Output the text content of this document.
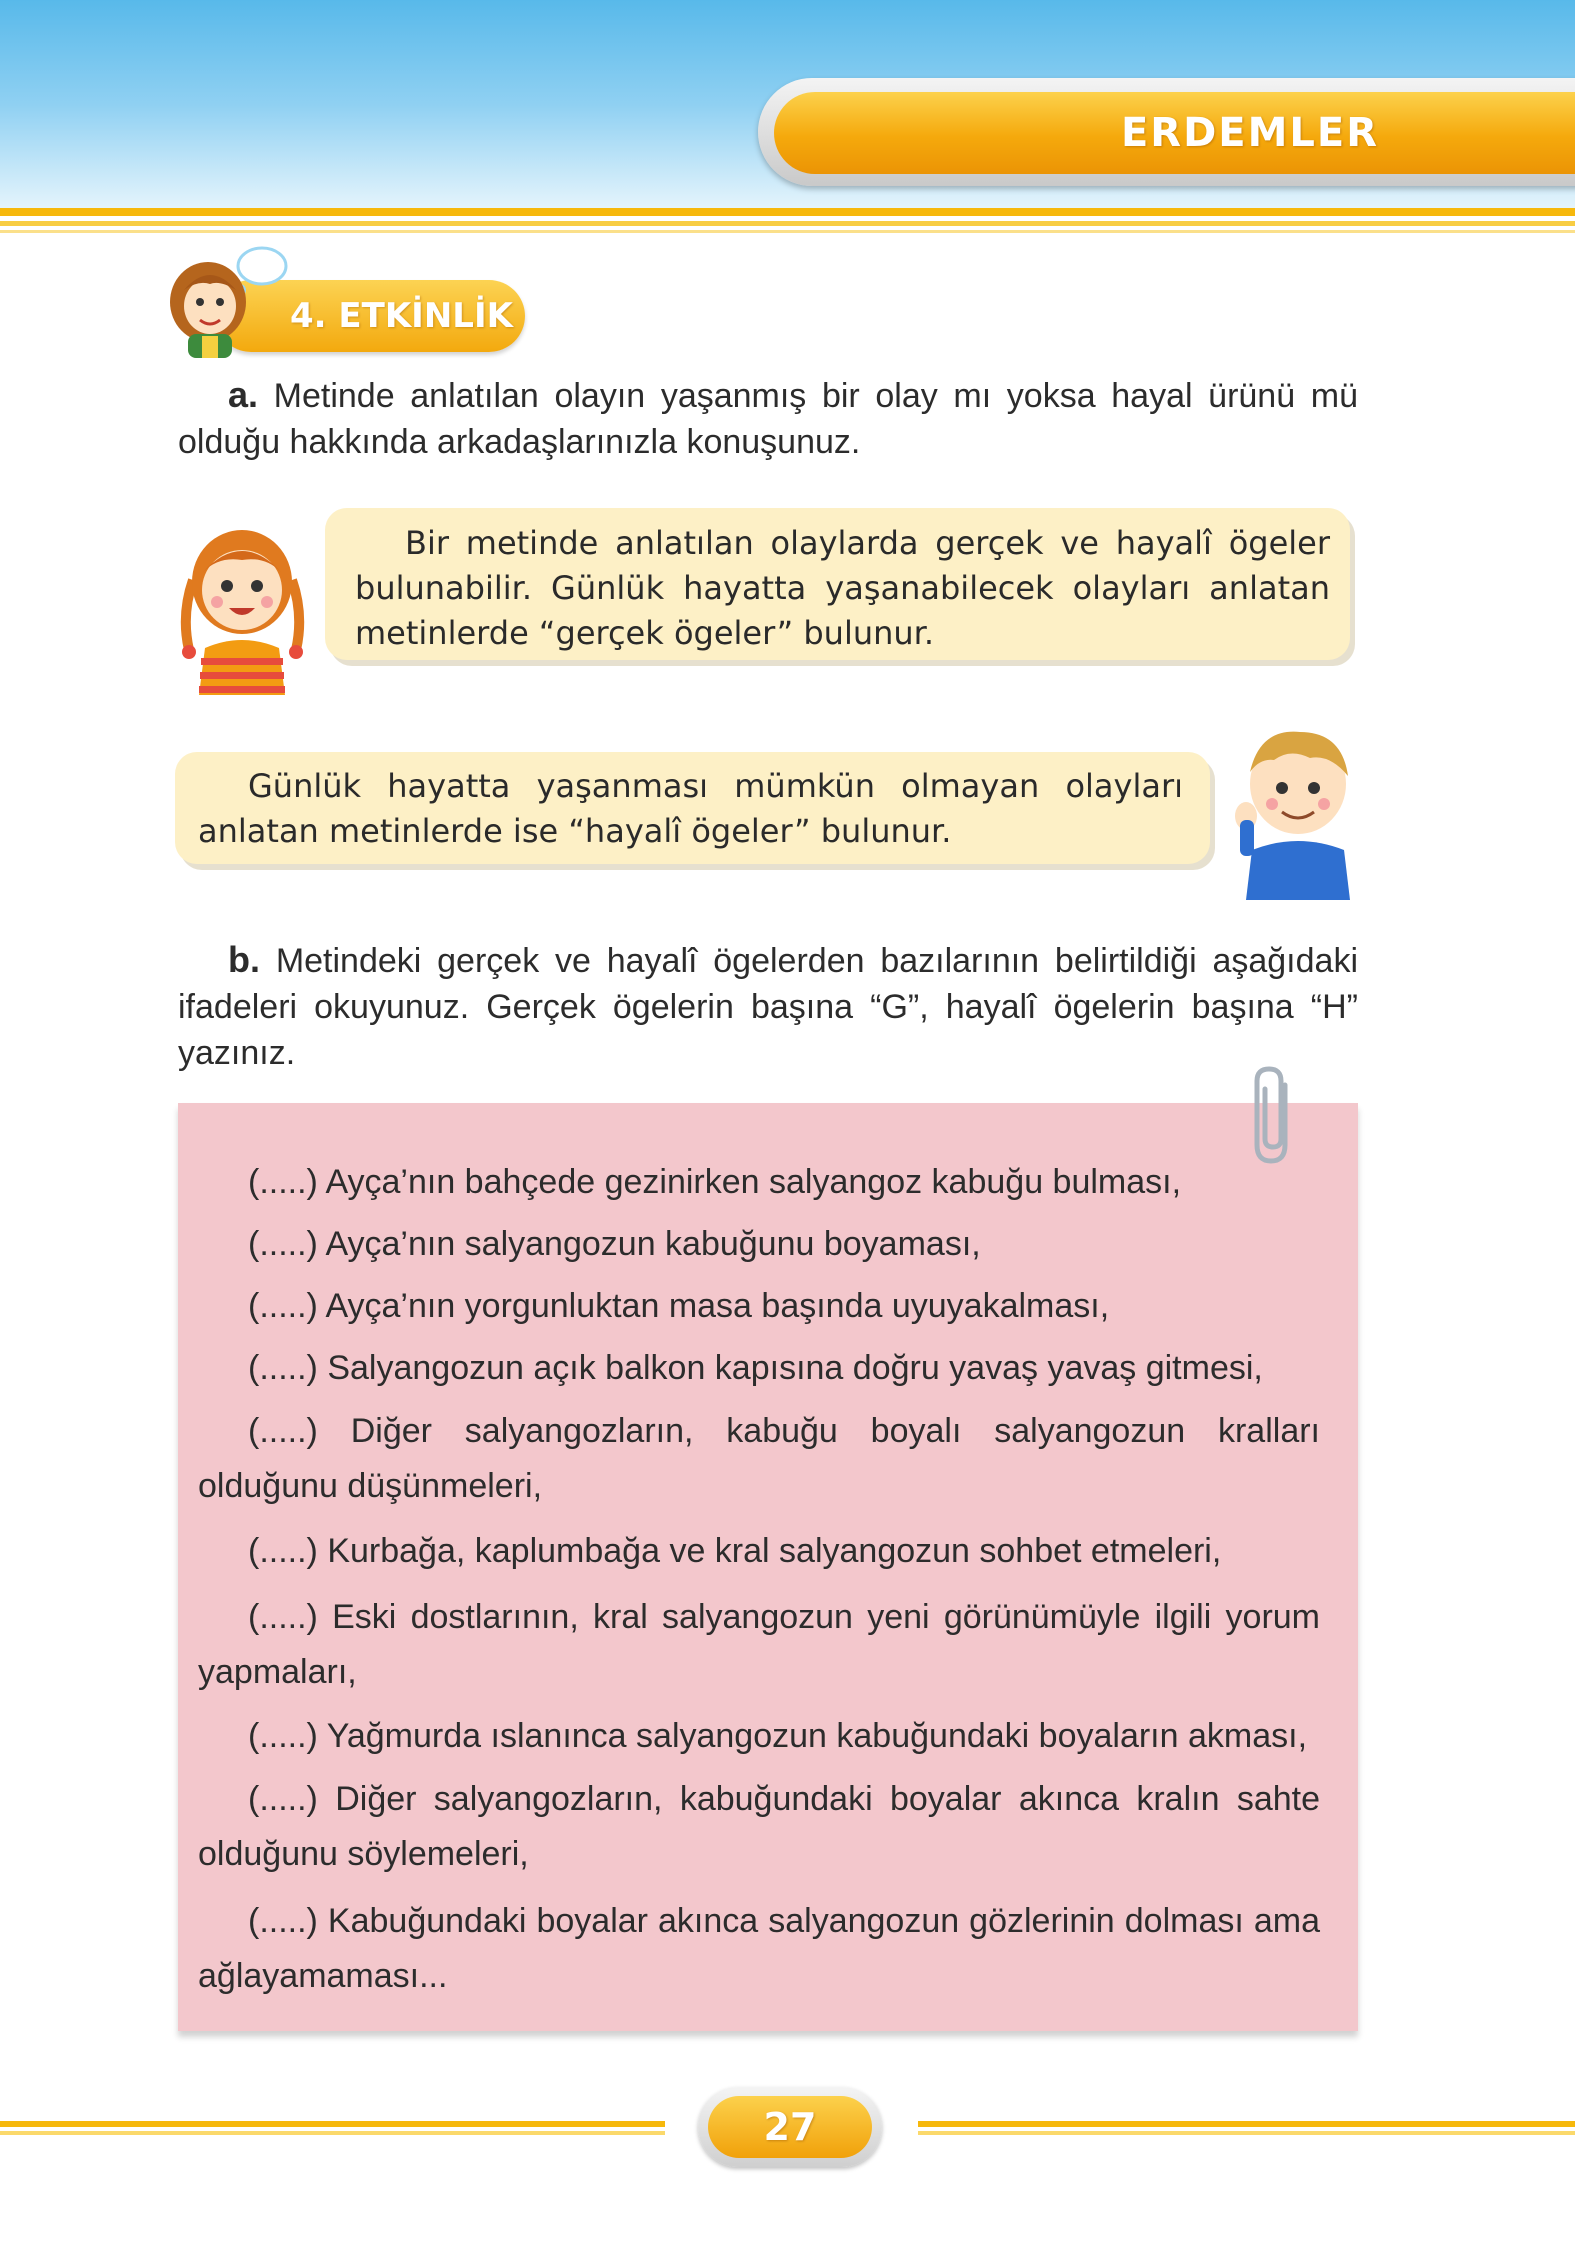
ERDEMLER
4. ETKİNLİK
a. Metinde anlatılan olayın yaşanmış bir olay mı yoksa hayal ürünü mü olduğu hakkında arkadaşlarınızla konuşunuz.
Bir metinde anlatılan olaylarda gerçek ve hayalî ögeler bulunabilir. Günlük hayatta yaşanabilecek olayları anlatan metinlerde “gerçek ögeler” bulunur.
Günlük hayatta yaşanması mümkün olmayan olayları anlatan metinlerde ise “hayalî ögeler” bulunur.
b. Metindeki gerçek ve hayalî ögelerden bazılarının belirtildiği aşağıdaki ifadeleri okuyunuz. Gerçek ögelerin başına “G”, hayalî ögelerin başına “H” yazınız.
(.....) Ayça’nın bahçede gezinirken salyangoz kabuğu bulması,
(.....) Ayça’nın salyangozun kabuğunu boyaması,
(.....) Ayça’nın yorgunluktan masa başında uyuyakalması,
(.....) Salyangozun açık balkon kapısına doğru yavaş yavaş gitmesi,
(.....) Diğer salyangozların, kabuğu boyalı salyangozun kralları olduğunu düşünmeleri,
(.....) Kurbağa, kaplumbağa ve kral salyangozun sohbet etmeleri,
(.....) Eski dostlarının, kral salyangozun yeni görünümüyle ilgili yorum yapmaları,
(.....) Yağmurda ıslanınca salyangozun kabuğundaki boyaların akması,
(.....) Diğer salyangozların, kabuğundaki boyalar akınca kralın sahte olduğunu söylemeleri,
(.....) Kabuğundaki boyalar akınca salyangozun gözlerinin dolması ama ağlayamaması...
27
